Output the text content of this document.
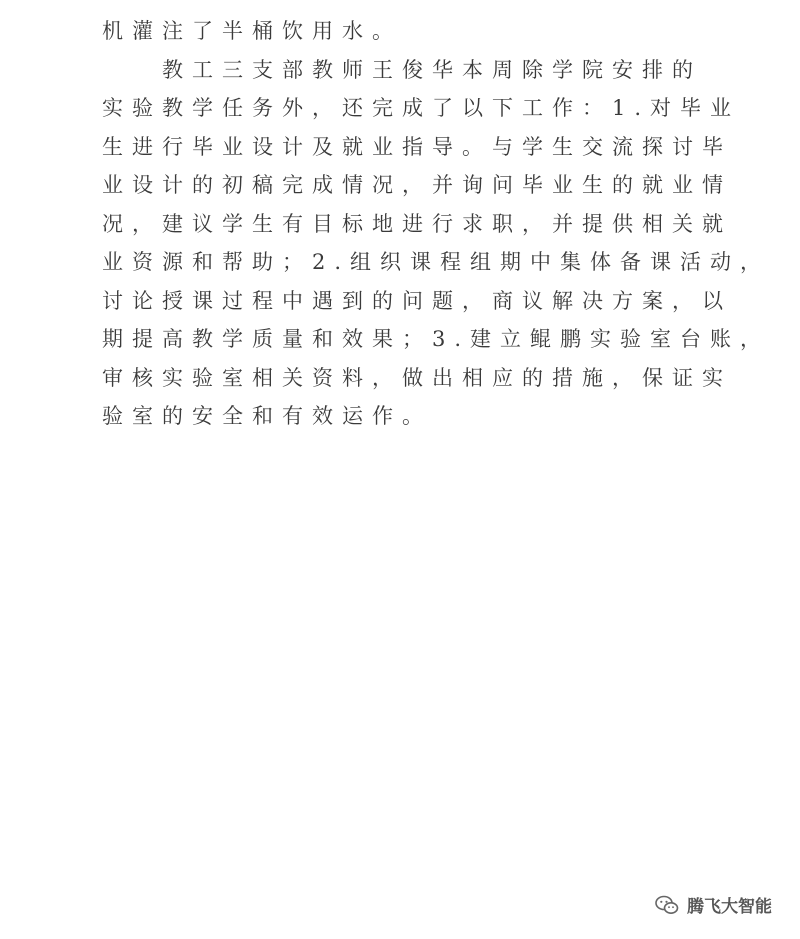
机灌注了半桶饮用水。
　　教工三支部教师王俊华本周除学院安排的
实验教学任务外，还完成了以下工作：1.对毕业
生进行毕业设计及就业指导。与学生交流探讨毕
业设计的初稿完成情况，并询问毕业生的就业情
况，建议学生有目标地进行求职，并提供相关就
业资源和帮助；2.组织课程组期中集体备课活动，
讨论授课过程中遇到的问题，商议解决方案，以
期提高教学质量和效果；3.建立鲲鹏实验室台账，
审核实验室相关资料，做出相应的措施，保证实
验室的安全和有效运作。
腾飞大智能
